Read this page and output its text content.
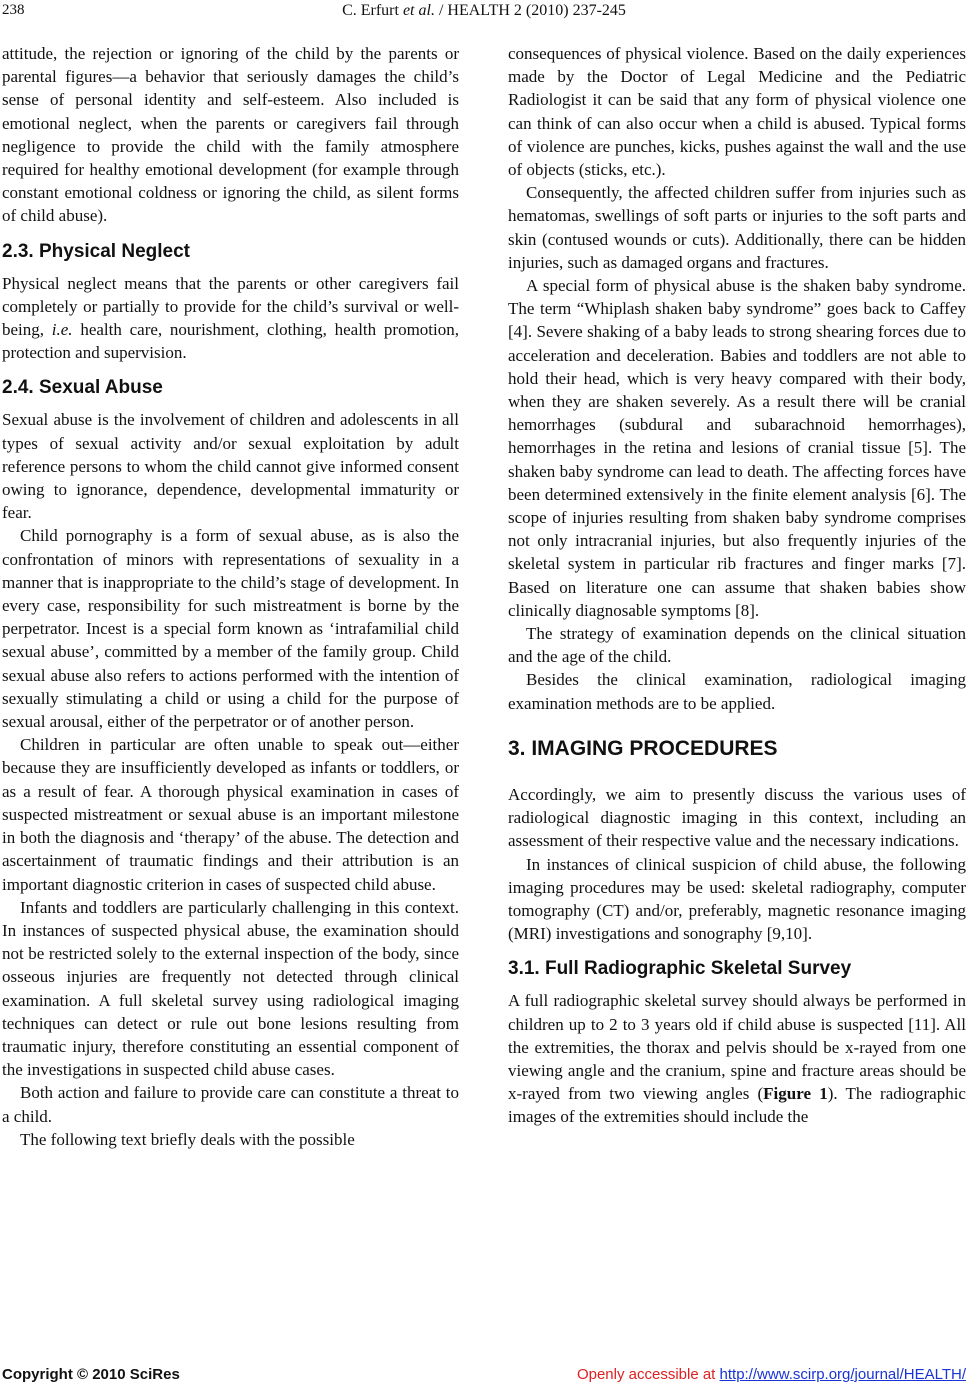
238	C. Erfurt et al. / HEALTH 2 (2010) 237-245

attitude, the rejection or ignoring of the child by the parents or parental figures—a behavior that seriously damages the child’s sense of personal identity and self-esteem. Also included is emotional neglect, when the parents or caregivers fail through negligence to provide the child with the family atmosphere required for healthy emotional development (for example through constant emotional coldness or ignoring the child, as silent forms of child abuse).

2.3. Physical Neglect

Physical neglect means that the parents or other caregivers fail completely or partially to provide for the child’s survival or well-being, i.e. health care, nourishment, clothing, health promotion, protection and supervision.

2.4. Sexual Abuse

Sexual abuse is the involvement of children and adolescents in all types of sexual activity and/or sexual exploitation by adult reference persons to whom the child cannot give informed consent owing to ignorance, dependence, developmental immaturity or fear.

Child pornography is a form of sexual abuse, as is also the confrontation of minors with representations of sexuality in a manner that is inappropriate to the child’s stage of development. In every case, responsibility for such mistreatment is borne by the perpetrator. Incest is a special form known as ‘intrafamilial child sexual abuse’, committed by a member of the family group. Child sexual abuse also refers to actions performed with the intention of sexually stimulating a child or using a child for the purpose of sexual arousal, either of the perpetrator or of another person.

Children in particular are often unable to speak out—either because they are insufficiently developed as infants or toddlers, or as a result of fear. A thorough physical examination in cases of suspected mistreatment or sexual abuse is an important milestone in both the diagnosis and ‘therapy’ of the abuse. The detection and ascertainment of traumatic findings and their attribution is an important diagnostic criterion in cases of suspected child abuse.

Infants and toddlers are particularly challenging in this context. In instances of suspected physical abuse, the examination should not be restricted solely to the external inspection of the body, since osseous injuries are frequently not detected through clinical examination. A full skeletal survey using radiological imaging techniques can detect or rule out bone lesions resulting from traumatic injury, therefore constituting an essential component of the investigations in suspected child abuse cases.

Both action and failure to provide care can constitute a threat to a child.

The following text briefly deals with the possible

consequences of physical violence. Based on the daily experiences made by the Doctor of Legal Medicine and the Pediatric Radiologist it can be said that any form of physical violence one can think of can also occur when a child is abused. Typical forms of violence are punches, kicks, pushes against the wall and the use of objects (sticks, etc.).

Consequently, the affected children suffer from injuries such as hematomas, swellings of soft parts or injuries to the soft parts and skin (contused wounds or cuts). Additionally, there can be hidden injuries, such as damaged organs and fractures.

A special form of physical abuse is the shaken baby syndrome. The term “Whiplash shaken baby syndrome” goes back to Caffey [4]. Severe shaking of a baby leads to strong shearing forces due to acceleration and deceleration. Babies and toddlers are not able to hold their head, which is very heavy compared with their body, when they are shaken severely. As a result there will be cranial hemorrhages (subdural and subarachnoid hemorrhages), hemorrhages in the retina and lesions of cranial tissue [5]. The shaken baby syndrome can lead to death. The affecting forces have been determined extensively in the finite element analysis [6]. The scope of injuries resulting from shaken baby syndrome comprises not only intracranial injuries, but also frequently injuries of the skeletal system in particular rib fractures and finger marks [7]. Based on literature one can assume that shaken babies show clinically diagnosable symptoms [8].

The strategy of examination depends on the clinical situation and the age of the child.

Besides the clinical examination, radiological imaging examination methods are to be applied.

3. IMAGING PROCEDURES

Accordingly, we aim to presently discuss the various uses of radiological diagnostic imaging in this context, including an assessment of their respective value and the necessary indications.

In instances of clinical suspicion of child abuse, the following imaging procedures may be used: skeletal radiography, computer tomography (CT) and/or, preferably, magnetic resonance imaging (MRI) investigations and sonography [9,10].

3.1. Full Radiographic Skeletal Survey

A full radiographic skeletal survey should always be performed in children up to 2 to 3 years old if child abuse is suspected [11]. All the extremities, the thorax and pelvis should be x-rayed from one viewing angle and the cranium, spine and fracture areas should be x-rayed from two viewing angles (Figure 1). The radiographic images of the extremities should include the

Copyright © 2010 SciRes	Openly accessible at http://www.scirp.org/journal/HEALTH/
